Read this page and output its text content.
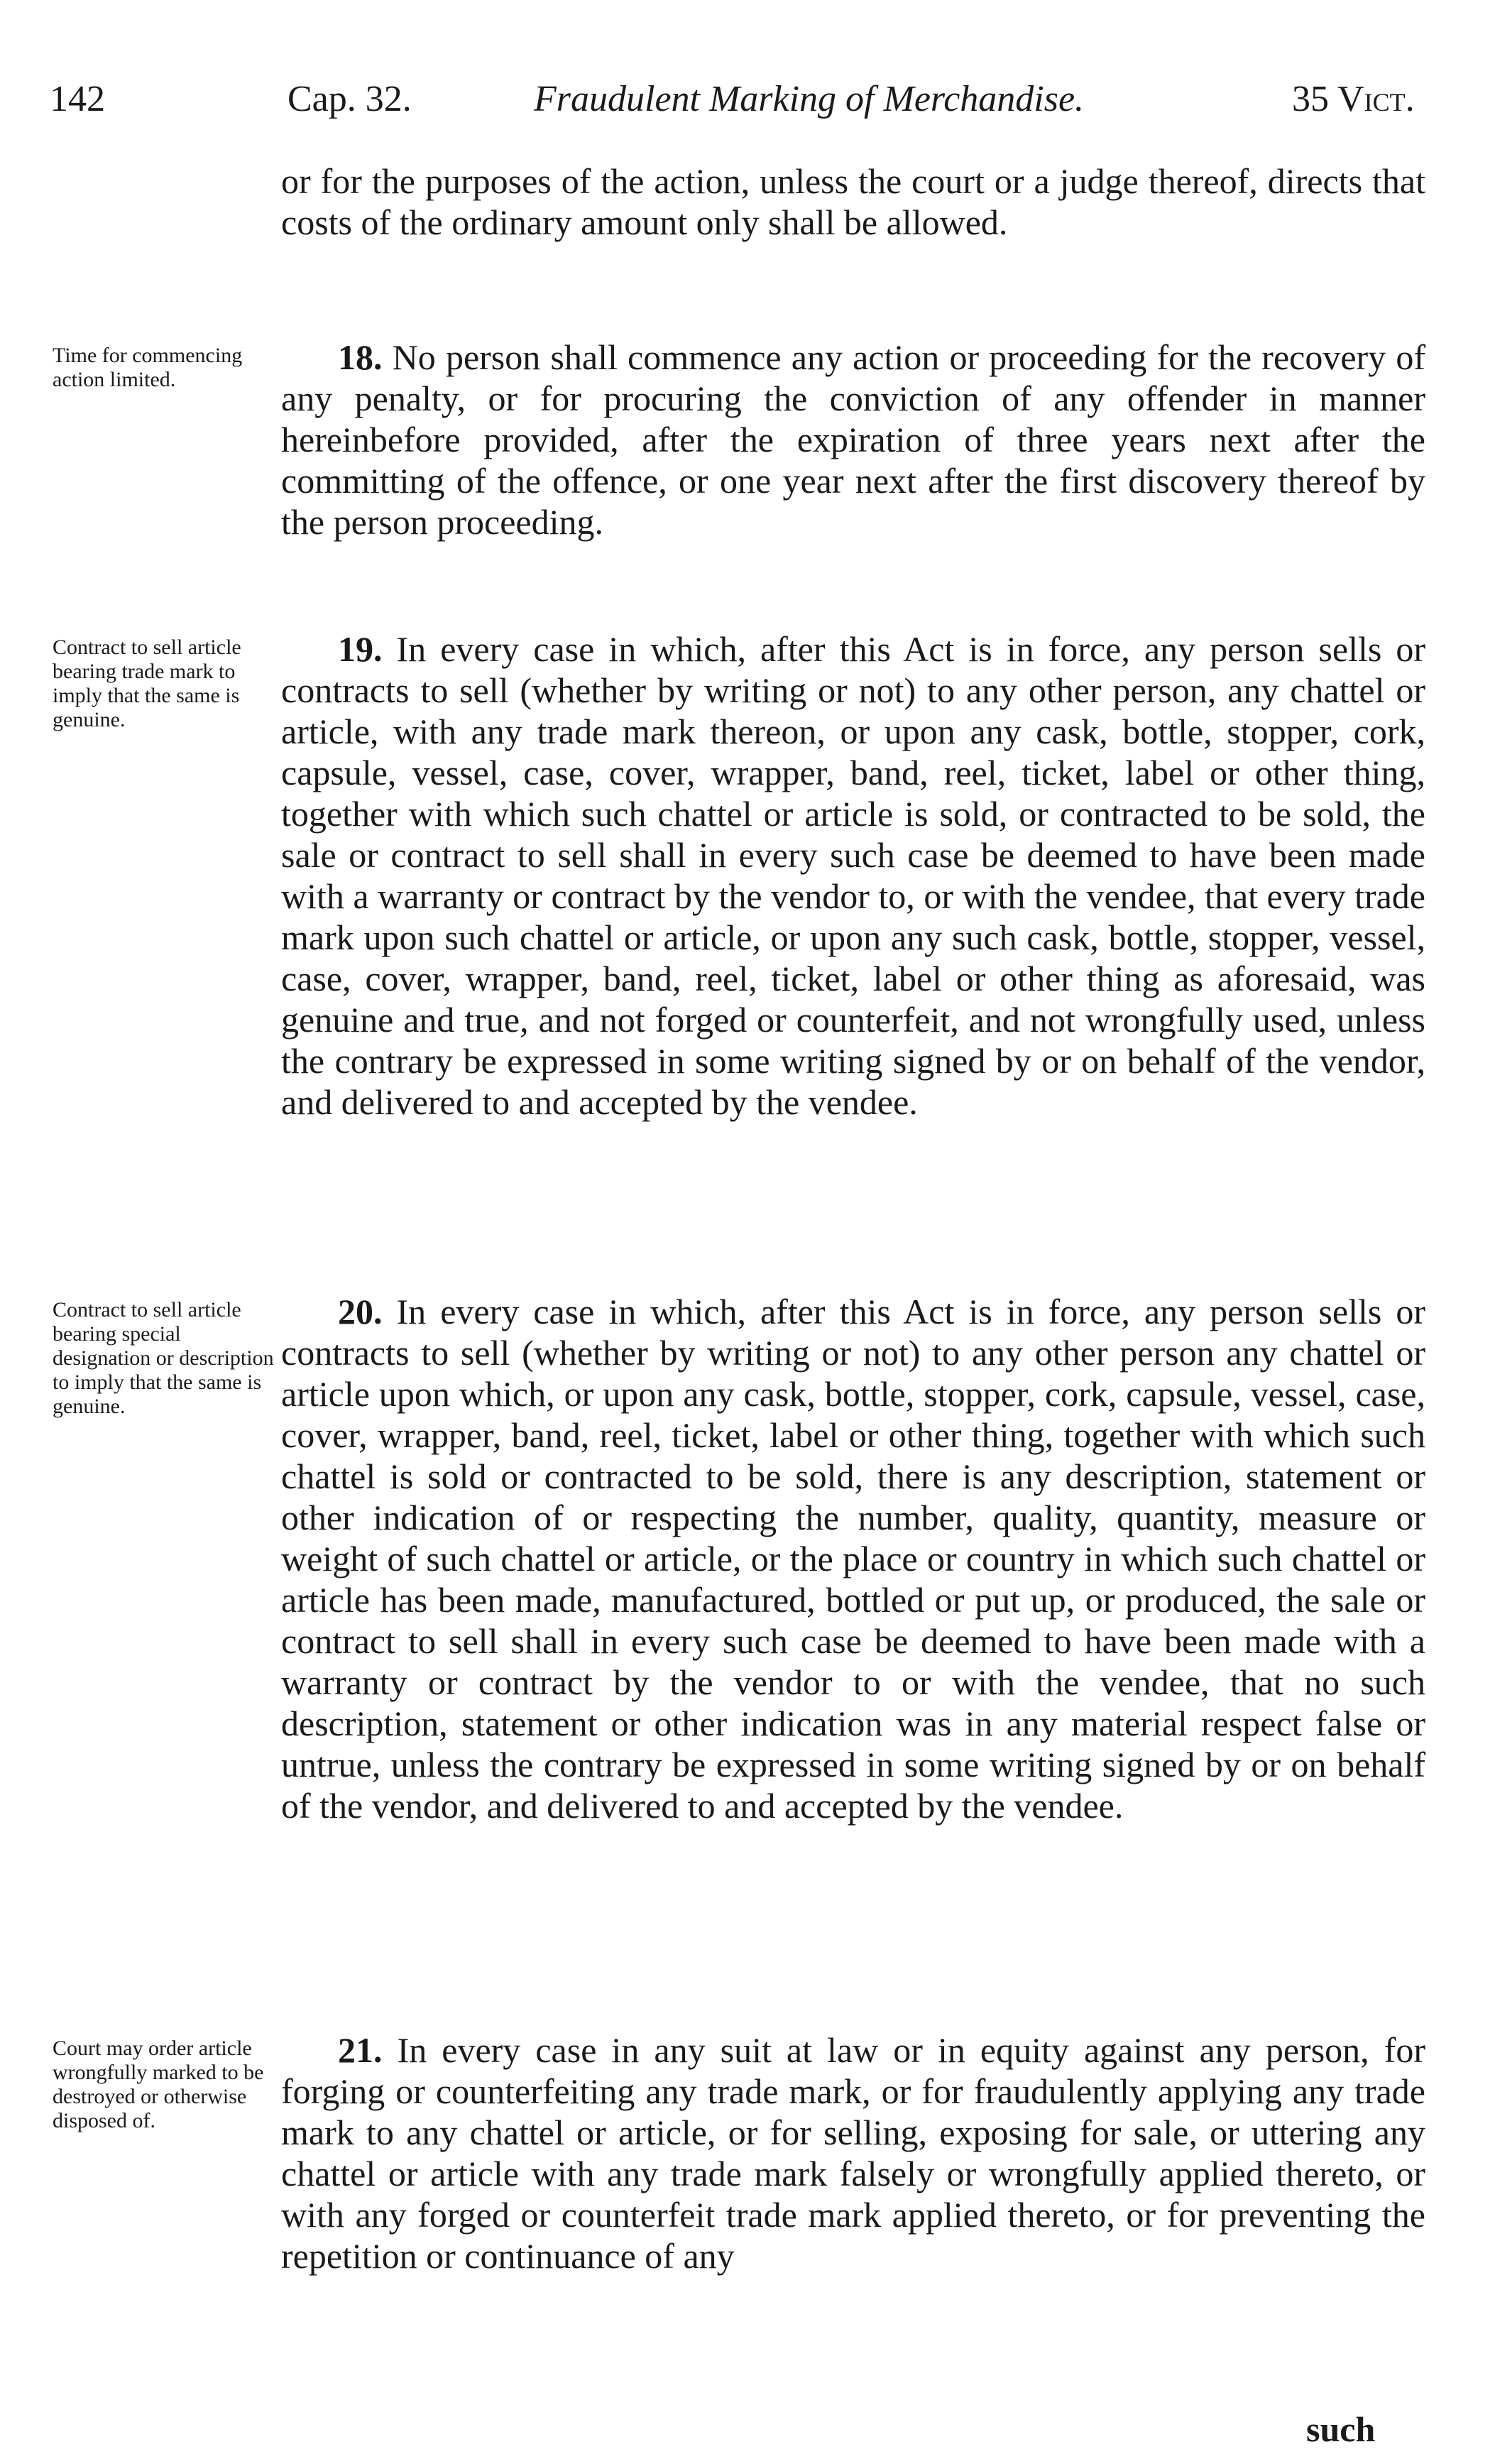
142	Cap. 32.	Fraudulent Marking of Merchandise.	35 Vict.
or for the purposes of the action, unless the court or a judge thereof, directs that costs of the ordinary amount only shall be allowed.
Time for commencing action limited.
18. No person shall commence any action or proceeding for the recovery of any penalty, or for procuring the conviction of any offender in manner hereinbefore provided, after the expiration of three years next after the committing of the offence, or one year next after the first discovery thereof by the person proceeding.
Contract to sell article bearing trade mark to imply that the same is genuine.
19. In every case in which, after this Act is in force, any person sells or contracts to sell (whether by writing or not) to any other person, any chattel or article, with any trade mark thereon, or upon any cask, bottle, stopper, cork, capsule, vessel, case, cover, wrapper, band, reel, ticket, label or other thing, together with which such chattel or article is sold, or contracted to be sold, the sale or contract to sell shall in every such case be deemed to have been made with a warranty or contract by the vendor to, or with the vendee, that every trade mark upon such chattel or article, or upon any such cask, bottle, stopper, vessel, case, cover, wrapper, band, reel, ticket, label or other thing as aforesaid, was genuine and true, and not forged or counterfeit, and not wrongfully used, unless the contrary be expressed in some writing signed by or on behalf of the vendor, and delivered to and accepted by the vendee.
Contract to sell article bearing special designation or description to imply that the same is genuine.
20. In every case in which, after this Act is in force, any person sells or contracts to sell (whether by writing or not) to any other person any chattel or article upon which, or upon any cask, bottle, stopper, cork, capsule, vessel, case, cover, wrapper, band, reel, ticket, label or other thing, together with which such chattel is sold or contracted to be sold, there is any description, statement or other indication of or respecting the number, quality, quantity, measure or weight of such chattel or article, or the place or country in which such chattel or article has been made, manufactured, bottled or put up, or produced, the sale or contract to sell shall in every such case be deemed to have been made with a warranty or contract by the vendor to or with the vendee, that no such description, statement or other indication was in any material respect false or untrue, unless the contrary be expressed in some writing signed by or on behalf of the vendor, and delivered to and accepted by the vendee.
Court may order article wrongfully marked to be destroyed or otherwise disposed of.
21. In every case in any suit at law or in equity against any person, for forging or counterfeiting any trade mark, or for fraudulently applying any trade mark to any chattel or article, or for selling, exposing for sale, or uttering any chattel or article with any trade mark falsely or wrongfully applied thereto, or with any forged or counterfeit trade mark applied thereto, or for preventing the repetition or continuance of any
such
